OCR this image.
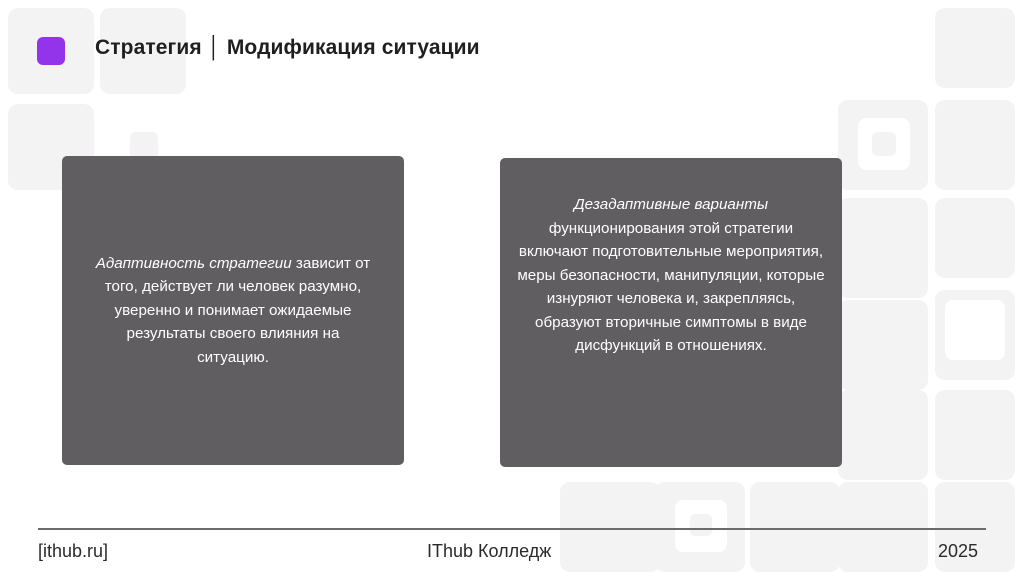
Стратегия │ Модификация ситуации
Адаптивность стратегии зависит от того, действует ли человек разумно, уверенно и понимает ожидаемые результаты своего влияния на ситуацию.
Дезадаптивные варианты функционирования этой стратегии включают подготовительные мероприятия, меры безопасности, манипуляции, которые изнуряют человека и, закрепляясь, образуют вторичные симптомы в виде дисфункций в отношениях.
[ithub.ru]	IThub Колледж	2025
